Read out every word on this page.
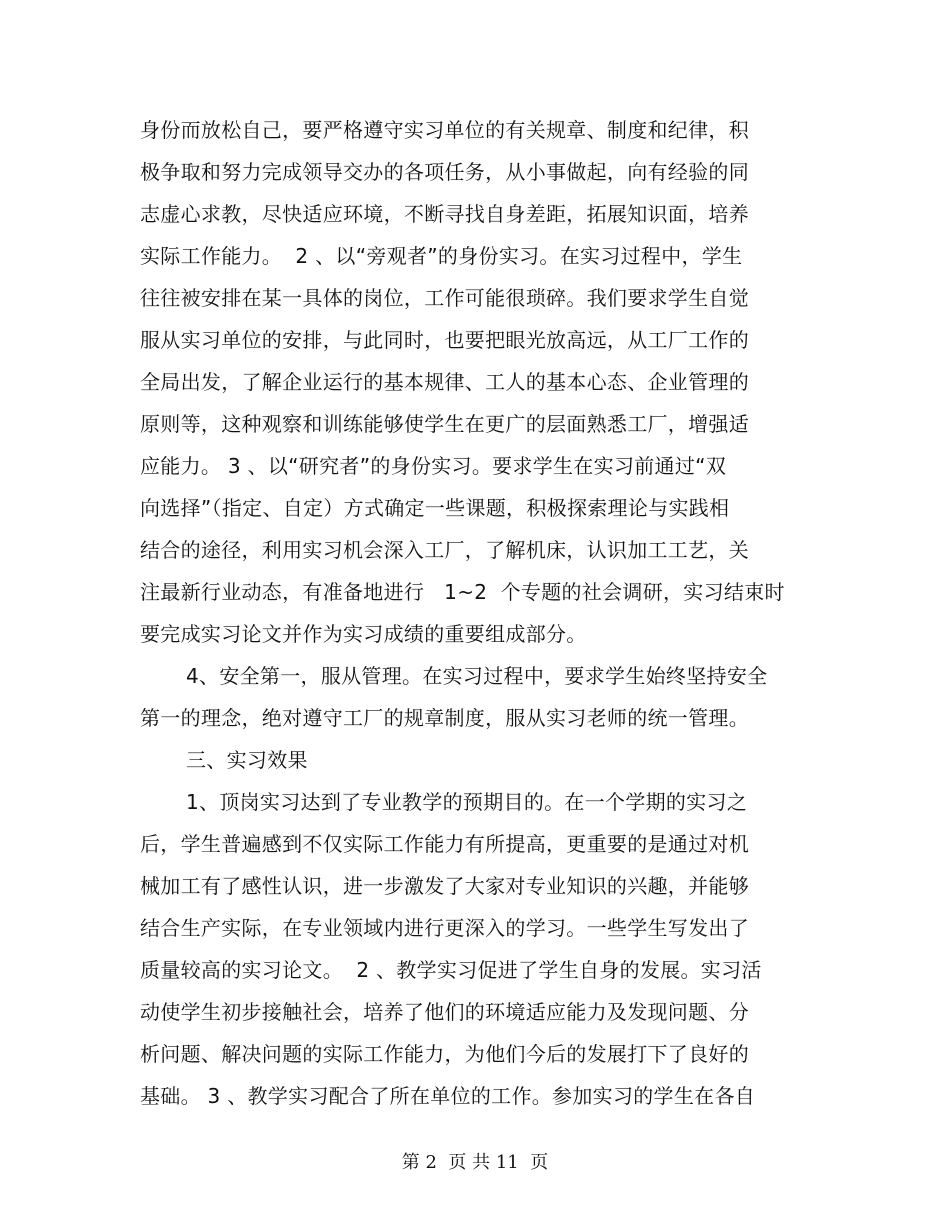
身份而放松自己，要严格遵守实习单位的有关规章、制度和纪律，积
极争取和努力完成领导交办的各项任务，从小事做起，向有经验的同
志虚心求教，尽快适应环境，不断寻找自身差距，拓展知识面，培养
实际工作能力。  2 、以“旁观者”的身份实习。在实习过程中，学生
往往被安排在某一具体的岗位，工作可能很琐碎。我们要求学生自觉
服从实习单位的安排，与此同时，也要把眼光放高远，从工厂工作的
全局出发，了解企业运行的基本规律、工人的基本心态、企业管理的
原则等，这种观察和训练能够使学生在更广的层面熟悉工厂，增强适
应能力。 3 、以“研究者”的身份实习。要求学生在实习前通过“双
向选择”（指定、自定）方式确定一些课题，积极探索理论与实践相
结合的途径，利用实习机会深入工厂，了解机床，认识加工工艺，关
注最新行业动态，有准备地进行   1~2  个专题的社会调研，实习结束时
要完成实习论文并作为实习成绩的重要组成部分。
4、安全第一，服从管理。在实习过程中，要求学生始终坚持安全
第一的理念，绝对遵守工厂的规章制度，服从实习老师的统一管理。
三、实习效果
1、顶岗实习达到了专业教学的预期目的。在一个学期的实习之
后，学生普遍感到不仅实际工作能力有所提高，更重要的是通过对机
械加工有了感性认识，进一步激发了大家对专业知识的兴趣，并能够
结合生产实际，在专业领域内进行更深入的学习。一些学生写发出了
质量较高的实习论文。  2 、教学实习促进了学生自身的发展。实习活
动使学生初步接触社会，培养了他们的环境适应能力及发现问题、分
析问题、解决问题的实际工作能力，为他们今后的发展打下了良好的
基础。 3 、教学实习配合了所在单位的工作。参加实习的学生在各自
第 2  页 共 11  页
